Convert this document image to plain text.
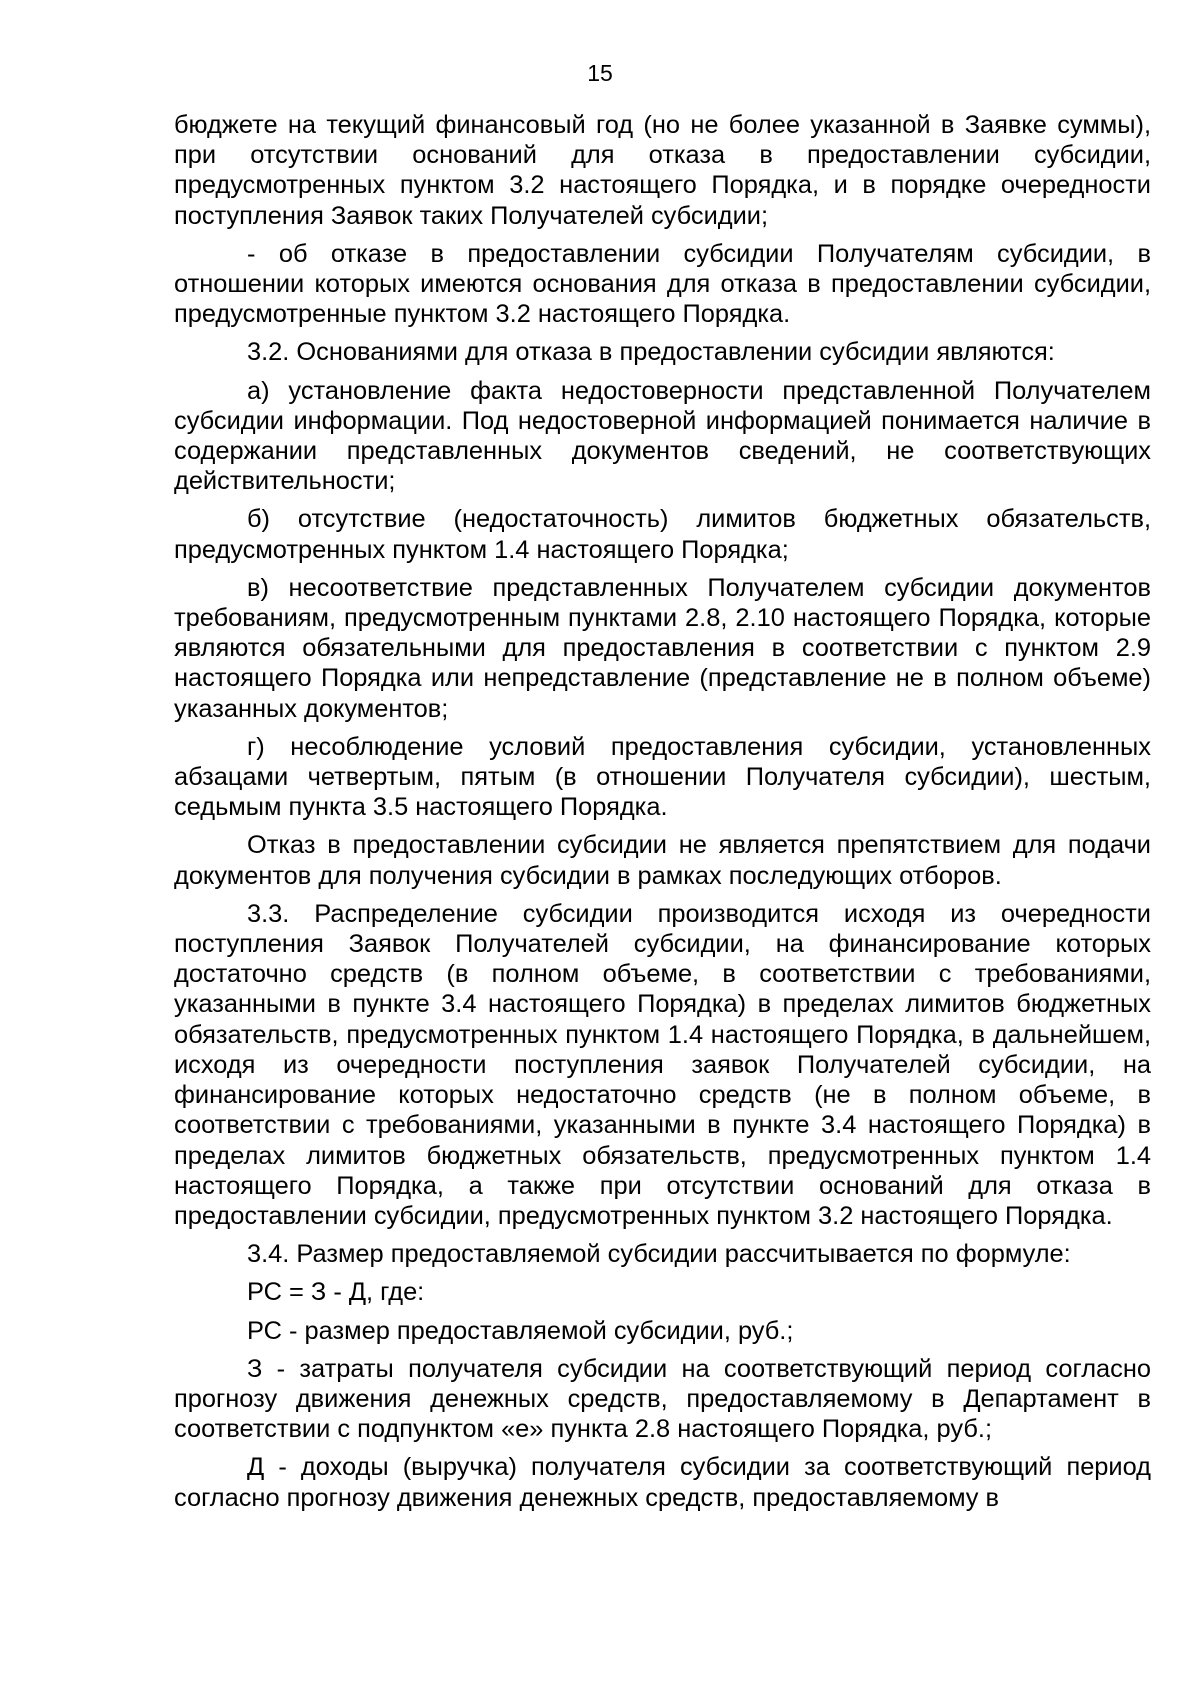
15

бюджете на текущий финансовый год (но не более указанной в Заявке суммы), при отсутствии оснований для отказа в предоставлении субсидии, предусмотренных пунктом 3.2 настоящего Порядка, и в порядке очередности поступления Заявок таких Получателей субсидии;

- об отказе в предоставлении субсидии Получателям субсидии, в отношении которых имеются основания для отказа в предоставлении субсидии, предусмотренные пунктом 3.2 настоящего Порядка.

3.2. Основаниями для отказа в предоставлении субсидии являются:

а) установление факта недостоверности представленной Получателем субсидии информации. Под недостоверной информацией понимается наличие в содержании представленных документов сведений, не соответствующих действительности;

б) отсутствие (недостаточность) лимитов бюджетных обязательств, предусмотренных пунктом 1.4 настоящего Порядка;

в) несоответствие представленных Получателем субсидии документов требованиям, предусмотренным пунктами 2.8, 2.10 настоящего Порядка, которые являются обязательными для предоставления в соответствии с пунктом 2.9 настоящего Порядка или непредставление (представление не в полном объеме) указанных документов;

г) несоблюдение условий предоставления субсидии, установленных абзацами четвертым, пятым (в отношении Получателя субсидии), шестым, седьмым пункта 3.5 настоящего Порядка.

Отказ в предоставлении субсидии не является препятствием для подачи документов для получения субсидии в рамках последующих отборов.

3.3. Распределение субсидии производится исходя из очередности поступления Заявок Получателей субсидии, на финансирование которых достаточно средств (в полном объеме, в соответствии с требованиями, указанными в пункте 3.4 настоящего Порядка) в пределах лимитов бюджетных обязательств, предусмотренных пунктом 1.4 настоящего Порядка, в дальнейшем, исходя из очередности поступления заявок Получателей субсидии, на финансирование которых недостаточно средств (не в полном объеме, в соответствии с требованиями, указанными в пункте 3.4 настоящего Порядка) в пределах лимитов бюджетных обязательств, предусмотренных пунктом 1.4 настоящего Порядка, а также при отсутствии оснований для отказа в предоставлении субсидии, предусмотренных пунктом 3.2 настоящего Порядка.

3.4. Размер предоставляемой субсидии рассчитывается по формуле:

РС = З - Д, где:

РС - размер предоставляемой субсидии, руб.;

З - затраты получателя субсидии на соответствующий период согласно прогнозу движения денежных средств, предоставляемому в Департамент в соответствии с подпунктом «е» пункта 2.8 настоящего Порядка, руб.;

Д - доходы (выручка) получателя субсидии за соответствующий период согласно прогнозу движения денежных средств, предоставляемому в
